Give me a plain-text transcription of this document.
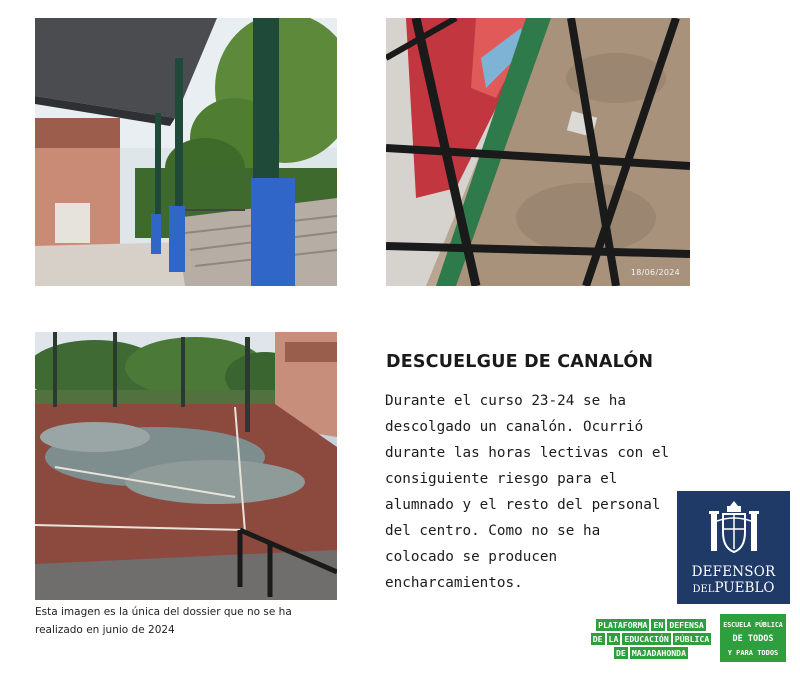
18/06/2024
Esta imagen es la única del dossier que no se ha realizado en junio de 2024
DESCUELGUE DE CANALÓN

Durante el curso 23-24 se ha descolgado un canalón. Ocurrió durante las horas lectivas con el consiguiente riesgo para el alumnado y el resto del personal del centro. Como no se ha colocado se producen encharcamientos.

DEFENSOR
DELPUEBLO
PLATAFORMA EN DEFENSA
DE LA EDUCACIÓN PÚBLICA
DE MAJADAHONDA
ESCUELA PÚBLICA
DE TODOS
Y PARA TODOS
